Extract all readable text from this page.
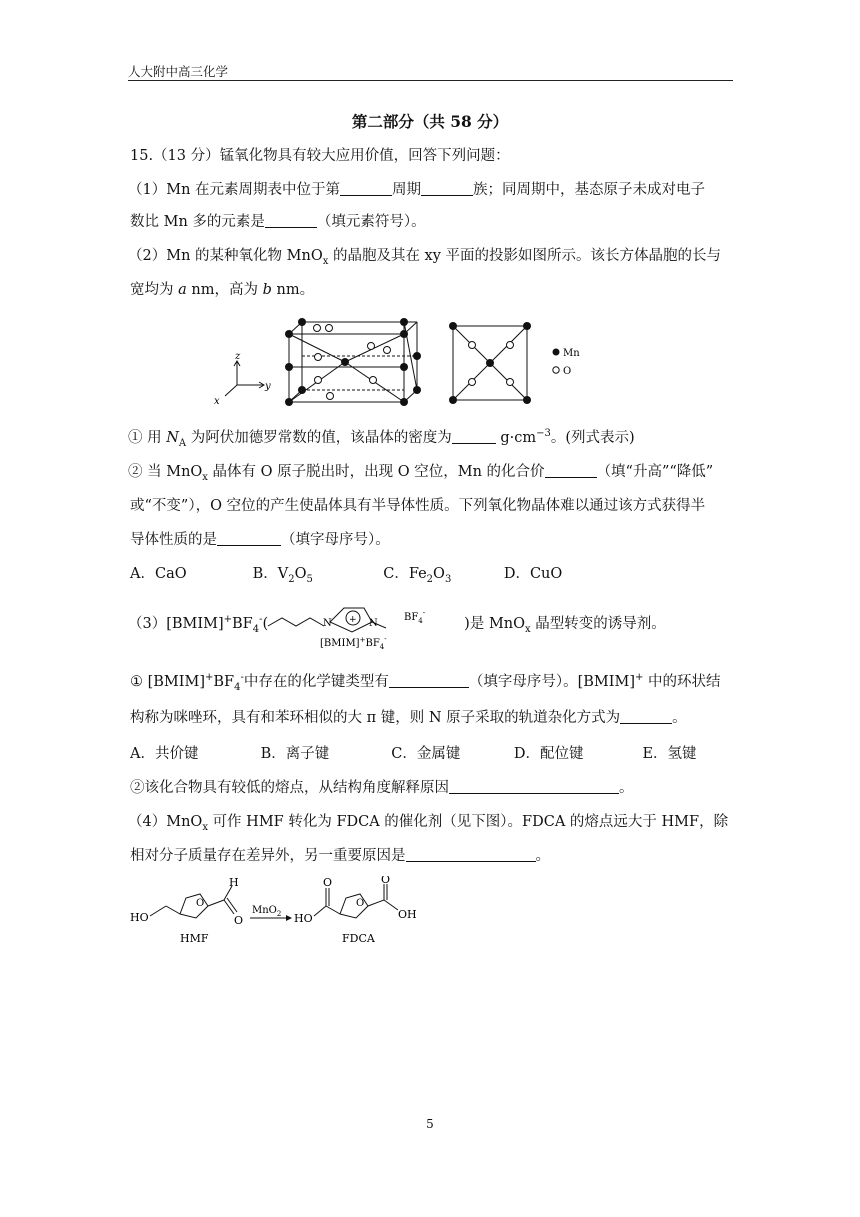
人大附中高三化学
第二部分（共 58 分）
15.（13 分）锰氧化物具有较大应用价值，回答下列问题：
（1）Mn 在元素周期表中位于第	周期	族；同周期中，基态原子未成对电子
数比 Mn 多的元素是	（填元素符号）。
（2）Mn 的某种氧化物 MnO$_x$ 的晶胞及其在 xy 平面的投影如图所示。该长方体晶胞的长与
宽均为 a nm，高为 b nm。
z
y
x
Mn
O
① 用 $N_A$ 为阿伏加德罗常数的值，该晶体的密度为	$g\cdot cm^{-3}$。(列式表示)
② 当 MnO$_x$ 晶体有 O 原子脱出时，出现 O 空位，Mn 的化合价	（填“升高”“降低”
或“不变”），O 空位的产生使晶体具有半导体性质。下列氧化物晶体难以通过该方式获得半
导体性质的是	（填字母序号）。
A．CaO	B．$V_2O_5$	C．$Fe_2O_3$	D．CuO
$(3)[BMIM]^+BF_4^-$(	)是 MnO$_x$ 晶型转变的诱导剂。
+
N	N
$BF_4^-$
$[BMIM]^+BF_4^-$
① $[BMIM]^+BF_4^-$中存在的化学键类型有	（填字母序号）。[BMIM]+ 中的环状结
构称为咪唑环，具有和苯环相似的大 π 键，则 N 原子采取的轨道杂化方式为	。
A．共价键	B．离子键	C．金属键	D．配位键	E．氢键
②该化合物具有较低的熔点，从结构角度解释原因	。
（4）MnO$_x$ 可作 HMF 转化为 FDCA 的催化剂（见下图）。FDCA 的熔点远大于 HMF，除
相对分子质量存在差异外，另一重要原因是	。
HO
O
H
O
HMF
MnO$_2$ HO
O
O
O
OH
FDCA
5
